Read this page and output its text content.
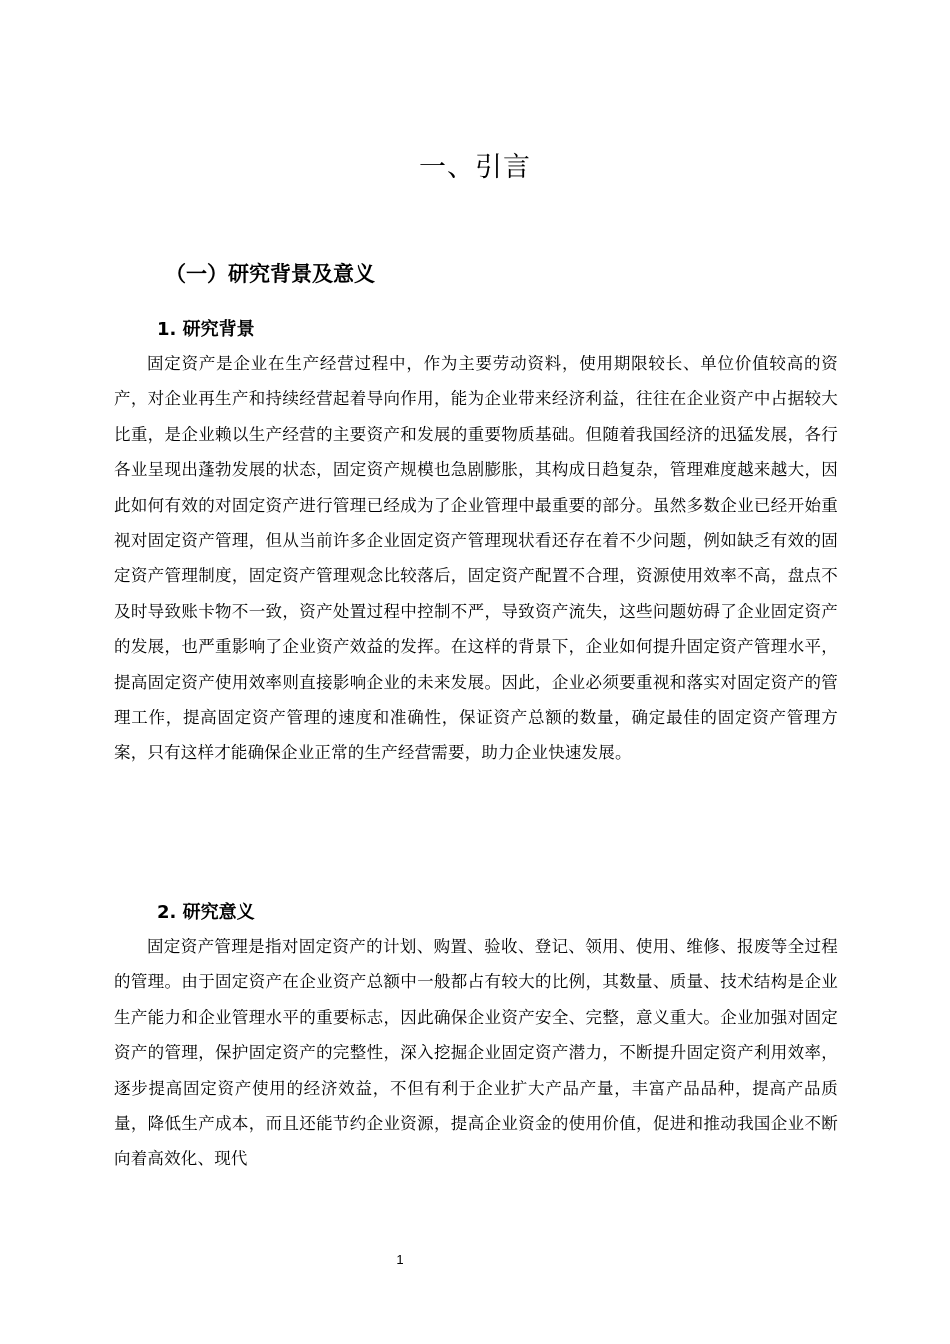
一、引言
（一）研究背景及意义
1. 研究背景

固定资产是企业在生产经营过程中，作为主要劳动资料，使用期限较长、单位价值较高的资产，对企业再生产和持续经营起着导向作用，能为企业带来经济利益，往往在企业资产中占据较大比重，是企业赖以生产经营的主要资产和发展的重要物质基础。但随着我国经济的迅猛发展，各行各业呈现出蓬勃发展的状态，固定资产规模也急剧膨胀，其构成日趋复杂，管理难度越来越大，因此如何有效的对固定资产进行管理已经成为了企业管理中最重要的部分。虽然多数企业已经开始重视对固定资产管理，但从当前许多企业固定资产管理现状看还存在着不少问题，例如缺乏有效的固定资产管理制度，固定资产管理观念比较落后，固定资产配置不合理，资源使用效率不高，盘点不及时导致账卡物不一致，资产处置过程中控制不严，导致资产流失，这些问题妨碍了企业固定资产的发展，也严重影响了企业资产效益的发挥。在这样的背景下，企业如何提升固定资产管理水平，提高固定资产使用效率则直接影响企业的未来发展。因此，企业必须要重视和落实对固定资产的管理工作，提高固定资产管理的速度和准确性，保证资产总额的数量，确定最佳的固定资产管理方案，只有这样才能确保企业正常的生产经营需要，助力企业快速发展。

2. 研究意义

固定资产管理是指对固定资产的计划、购置、验收、登记、领用、使用、维修、报废等全过程的管理。由于固定资产在企业资产总额中一般都占有较大的比例，其数量、质量、技术结构是企业生产能力和企业管理水平的重要标志，因此确保企业资产安全、完整，意义重大。企业加强对固定资产的管理，保护固定资产的完整性，深入挖掘企业固定资产潜力，不断提升固定资产利用效率，逐步提高固定资产使用的经济效益，不但有利于企业扩大产品产量，丰富产品品种，提高产品质量，降低生产成本，而且还能节约企业资源，提高企业资金的使用价值，促进和推动我国企业不断向着高效化、现代

1
